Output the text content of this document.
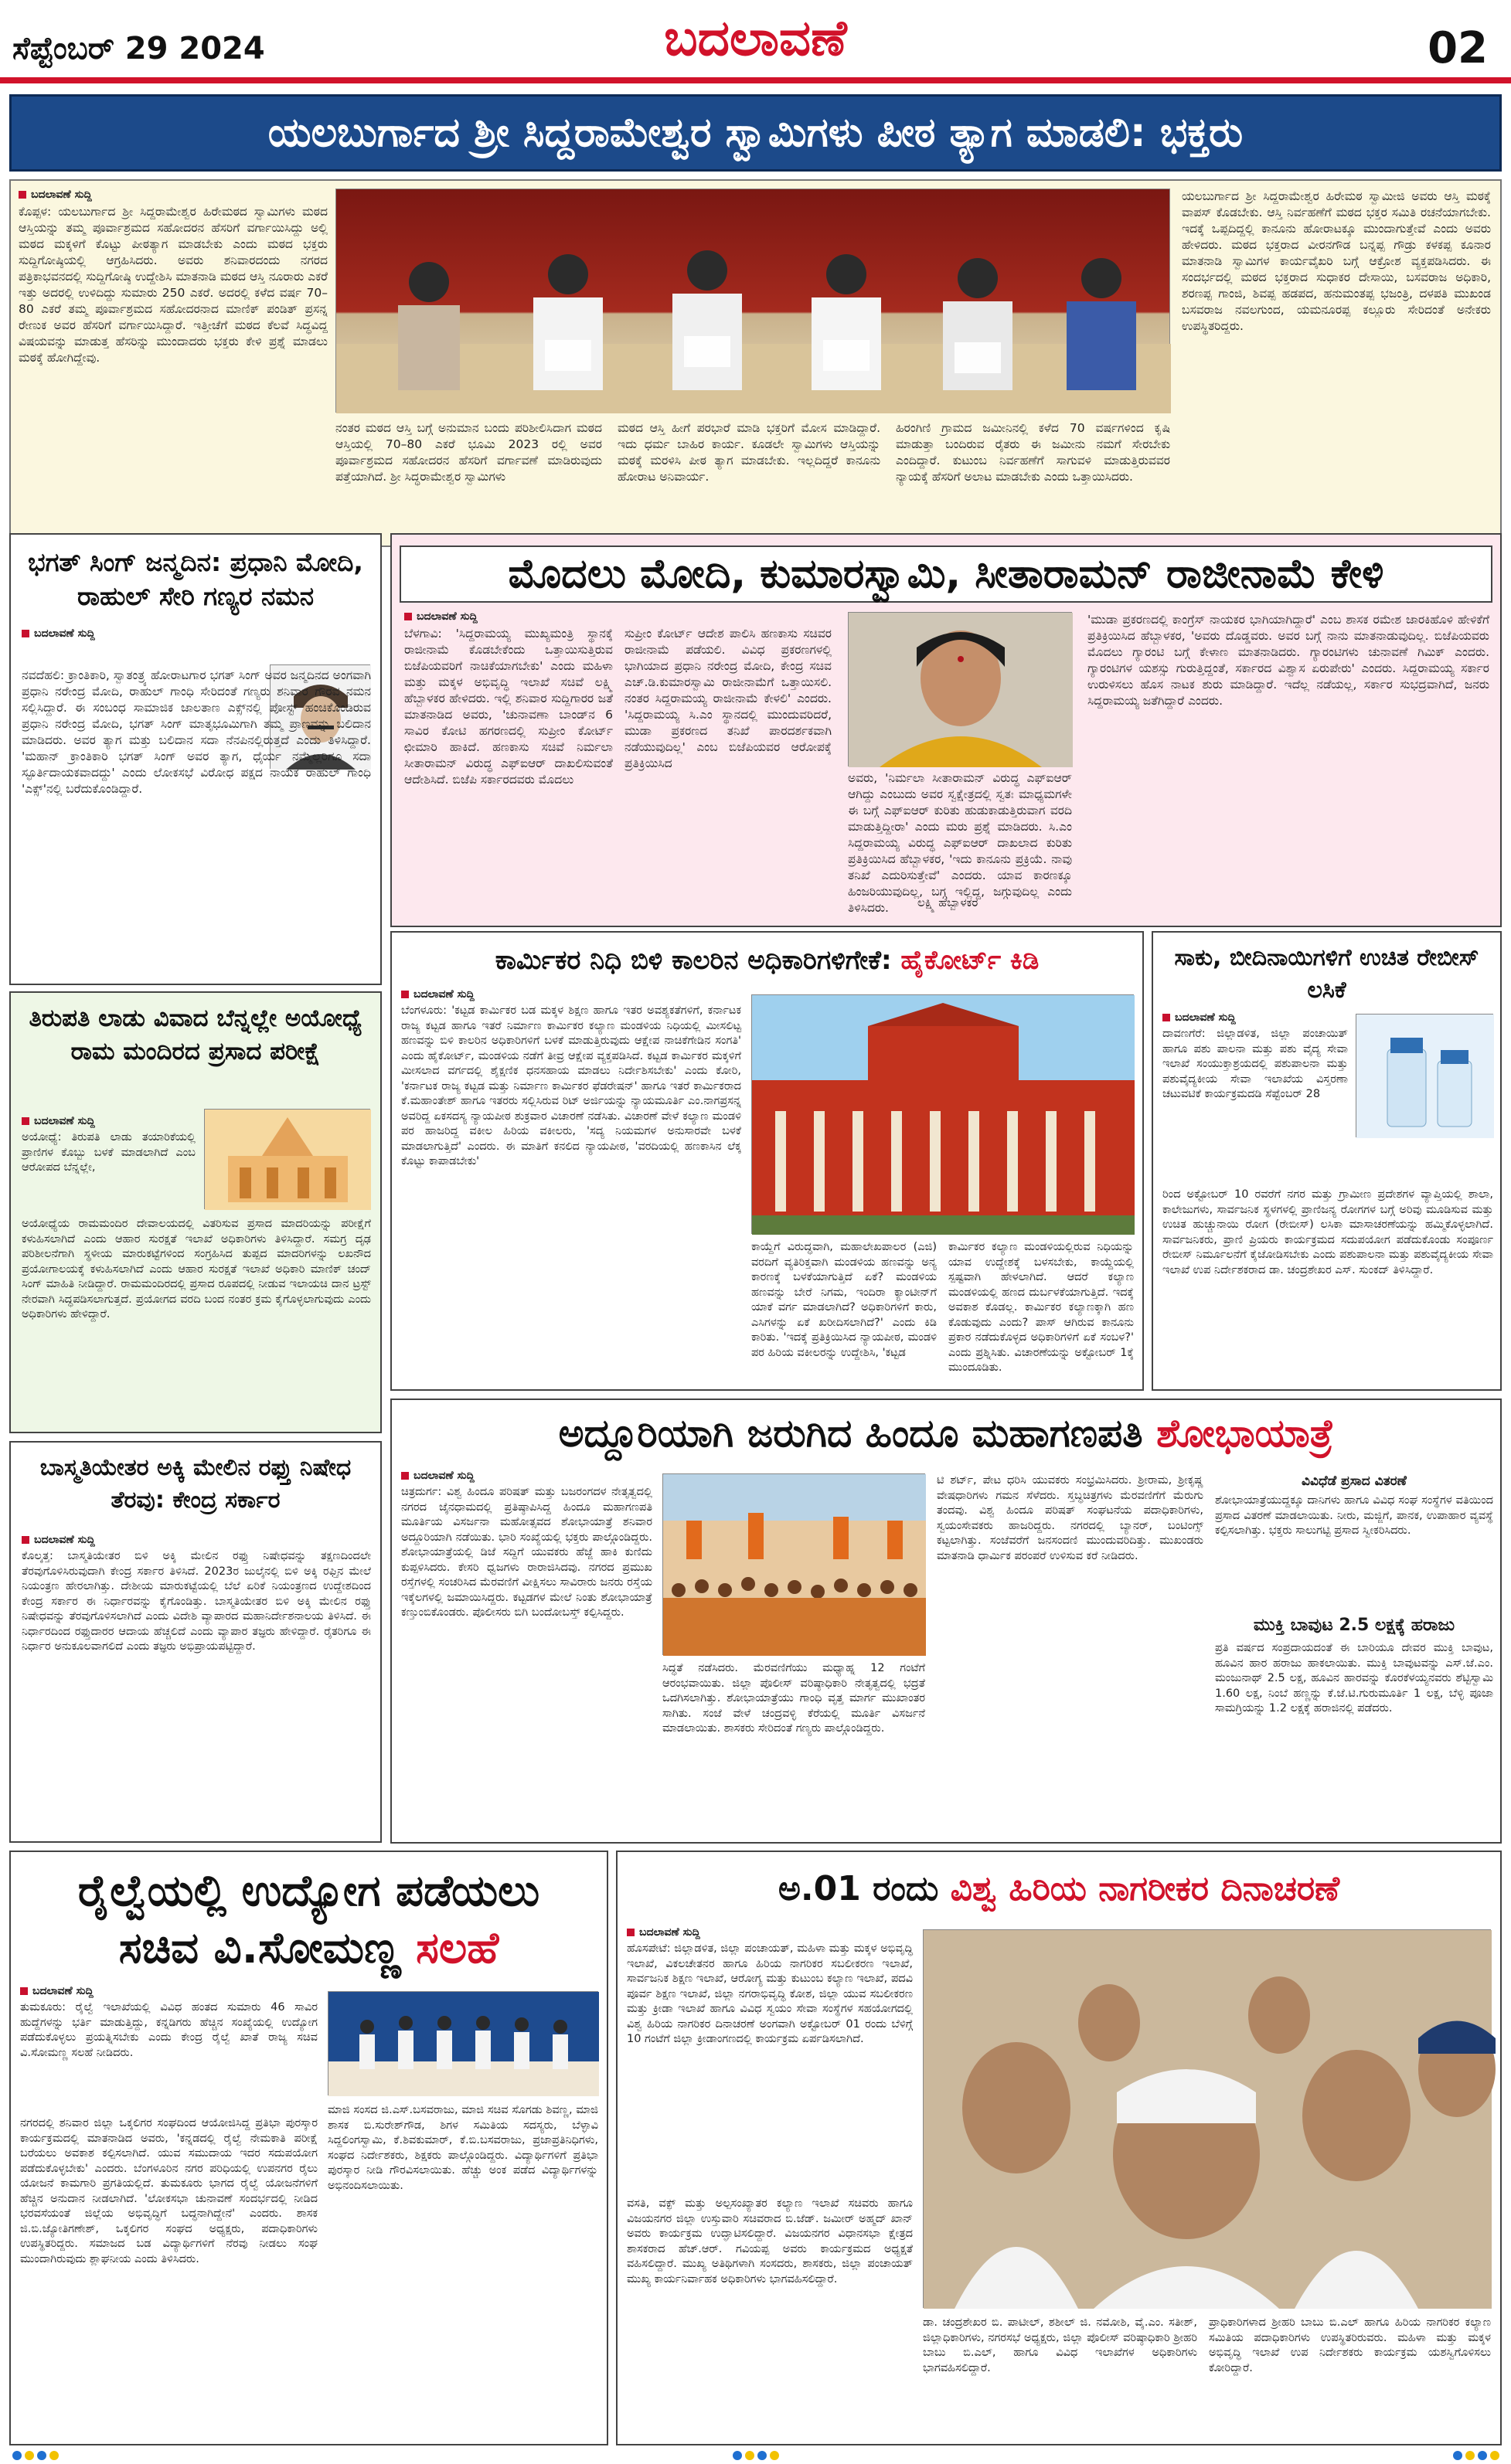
ಸೆಪ್ಟೆಂಬರ್ 29 2024	ಬದಲಾವಣೆ	02
ಯಲಬುರ್ಗಾದ ಶ್ರೀ ಸಿದ್ದರಾಮೇಶ್ವರ ಸ್ವಾಮಿಗಳು ಪೀಠ ತ್ಯಾಗ ಮಾಡಲಿ: ಭಕ್ತರು
ಬದಲಾವಣೆ ಸುದ್ದಿ
ಕೊಪ್ಪಳ: ಯಲಬುರ್ಗಾದ ಶ್ರೀ ಸಿದ್ದರಾಮೇಶ್ವರ ಹಿರೇಮಠದ ಸ್ವಾಮಿಗಳು ಮಠದ ಆಸ್ತಿಯನ್ನು ತಮ್ಮ ಪೂರ್ವಾಶ್ರಮದ ಸಹೋದರನ ಹೆಸರಿಗೆ ವರ್ಗಾಯಿಸಿದ್ದು ಅಲ್ಲಿ ಮಠದ ಮಕ್ಕಳಿಗೆ ಕೊಟ್ಟು ಪೀಠತ್ಯಾಗ ಮಾಡಬೇಕು ಎಂದು ಮಠದ ಭಕ್ತರು ಸುದ್ದಿಗೋಷ್ಠಿಯಲ್ಲಿ ಆಗ್ರಹಿಸಿದರು. ಅವರು ಶನಿವಾರದಂದು ನಗರದ ಪತ್ರಿಕಾಭವನದಲ್ಲಿ ಸುದ್ದಿಗೋಷ್ಠಿ ಉದ್ದೇಶಿಸಿ ಮಾತನಾಡಿ ಮಠದ ಆಸ್ತಿ ನೂರಾರು ಎಕರೆ ಇತ್ತು ಅದರಲ್ಲಿ ಉಳಿದಿದ್ದು ಸುಮಾರು 250 ಎಕರೆ. ಅದರಲ್ಲಿ ಕಳೆದ ವರ್ಷ 70–80 ಎಕರೆ ತಮ್ಮ ಪೂರ್ವಾಶ್ರಮದ ಸಹೋದರನಾದ ಮಾಣಿಕ್ ಪಂಡಿತ್ ಪ್ರಸನ್ನ ರೇಣುಕ ಅವರ ಹೆಸರಿಗೆ ವರ್ಗಾಯಿಸಿದ್ದಾರೆ. ಇತ್ತೀಚೆಗೆ ಮಠದ ಕೆಲವೆ ಸಿದ್ಧವಿದ್ದ ವಿಷಯವನ್ನು ಮಾಡುತ್ತ ಹೆಸರಿನ್ನು ಮುಂದಾದರು ಭಕ್ತರು ಕೇಳಿ ಪ್ರಶ್ನೆ ಮಾಡಲು ಮಠಕ್ಕೆ ಹೋಗಿದ್ದೇವು.
ನಂತರ ಮಠದ ಆಸ್ತಿ ಬಗ್ಗೆ ಅನುಮಾನ ಬಂದು ಪರಿಶೀಲಿಸಿದಾಗ ಮಠದ ಆಸ್ತಿಯಲ್ಲಿ 70–80 ಎಕರೆ ಭೂಮಿ 2023 ರಲ್ಲಿ ಅವರ ಪೂರ್ವಾಶ್ರಮದ ಸಹೋದರನ ಹೆಸರಿಗೆ ವರ್ಗಾವಣೆ ಮಾಡಿರುವುದು ಪತ್ತೆಯಾಗಿದೆ. ಶ್ರೀ ಸಿದ್ಧರಾಮೇಶ್ವರ ಸ್ವಾಮಿಗಳು
ಮಠದ ಆಸ್ತಿ ಹೀಗೆ ಪರಭಾರೆ ಮಾಡಿ ಭಕ್ತರಿಗೆ ಮೋಸ ಮಾಡಿದ್ದಾರೆ. ಇದು ಧರ್ಮ ಬಾಹಿರ ಕಾರ್ಯ. ಕೂಡಲೇ ಸ್ವಾಮಿಗಳು ಆಸ್ತಿಯನ್ನು ಮಠಕ್ಕೆ ಮರಳಿಸಿ ಪೀಠ ತ್ಯಾಗ ಮಾಡಬೇಕು. ಇಲ್ಲದಿದ್ದರೆ ಕಾನೂನು ಹೋರಾಟ ಅನಿವಾರ್ಯ.
ಹಿರಂಗಿಣಿ ಗ್ರಾಮದ ಜಮೀನಿನಲ್ಲಿ ಕಳೆದ 70 ವರ್ಷಗಳಿಂದ ಕೃಷಿ ಮಾಡುತ್ತಾ ಬಂದಿರುವ ರೈತರು ಈ ಜಮೀನು ನಮಗೆ ಸೇರಬೇಕು ಎಂದಿದ್ದಾರೆ. ಕುಟುಂಬ ನಿರ್ವಹಣೆಗೆ ಸಾಗುವಳಿ ಮಾಡುತ್ತಿರುವವರ ನ್ಯಾಯಕ್ಕೆ ಹೆಸರಿಗೆ ಅಲಾಟ ಮಾಡಬೇಕು ಎಂದು ಒತ್ತಾಯಿಸಿದರು.
ಯಲಬುರ್ಗಾದ ಶ್ರೀ ಸಿದ್ದರಾಮೇಶ್ವರ ಹಿರೇಮಠ ಸ್ವಾಮೀಜಿ ಅವರು ಆಸ್ತಿ ಮಠಕ್ಕೆ ವಾಪಸ್ ಕೊಡಬೇಕು. ಆಸ್ತಿ ನಿರ್ವಹಣೆಗೆ ಮಠದ ಭಕ್ತರ ಸಮಿತಿ ರಚನೆಯಾಗಬೇಕು. ಇದಕ್ಕೆ ಒಪ್ಪದಿದ್ದಲ್ಲಿ ಕಾನೂನು ಹೋರಾಟಕ್ಕೂ ಮುಂದಾಗುತ್ತೇವೆ ಎಂದು ಅವರು ಹೇಳಿದರು. ಮಠದ ಭಕ್ತರಾದ ವೀರನಗೌಡ ಬನ್ನಪ್ಪ ಗೌಡ್ರು ಕಳಕಪ್ಪ ಕೂನಾರ ಮಾತನಾಡಿ ಸ್ವಾಮಿಗಳ ಕಾರ್ಯವೈಖರಿ ಬಗ್ಗೆ ಆಕ್ರೋಶ ವ್ಯಕ್ತಪಡಿಸಿದರು. ಈ ಸಂದರ್ಭದಲ್ಲಿ ಮಠದ ಭಕ್ತರಾದ ಸುಧಾಕರ ದೇಸಾಯಿ, ಬಸವರಾಜ ಅಧಿಕಾರಿ, ಶರಣಪ್ಪ ಗಾಂಜಿ, ಶಿವಪ್ಪ ಹಡಪದ, ಹನುಮಂತಪ್ಪ ಭಜಂತ್ರಿ, ದಳಪತಿ ಮುಖಂಡ ಬಸವರಾಜ ನವಲಗುಂದ, ಯಮನೂರಪ್ಪ ಕಲ್ಲೂರು ಸೇರಿದಂತೆ ಅನೇಕರು ಉಪಸ್ಥಿತರಿದ್ದರು.
ಭಗತ್ ಸಿಂಗ್ ಜನ್ಮದಿನ: ಪ್ರಧಾನಿ ಮೋದಿ, ರಾಹುಲ್ ಸೇರಿ ಗಣ್ಯರ ನಮನ
ಬದಲಾವಣೆ ಸುದ್ದಿ
ನವದೆಹಲಿ: ಕ್ರಾಂತಿಕಾರಿ, ಸ್ವಾತಂತ್ರ್ಯ ಹೋರಾಟಗಾರ ಭಗತ್ ಸಿಂಗ್ ಅವರ ಜನ್ಮದಿನದ ಅಂಗವಾಗಿ ಪ್ರಧಾನಿ ನರೇಂದ್ರ ಮೋದಿ, ರಾಹುಲ್ ಗಾಂಧಿ ಸೇರಿದಂತೆ ಗಣ್ಯರು ಶನಿವಾರ ಗೌರವ ನಮನ ಸಲ್ಲಿಸಿದ್ದಾರೆ. ಈ ಸಂಬಂಧ ಸಾಮಾಜಿಕ ಜಾಲತಾಣ ಎಕ್ಸ್‌ನಲ್ಲಿ ಪೋಸ್ಟ್ ಹಂಚಿಕೊಂಡಿರುವ ಪ್ರಧಾನಿ ನರೇಂದ್ರ ಮೋದಿ, ಭಗತ್ ಸಿಂಗ್ ಮಾತೃಭೂಮಿಗಾಗಿ ತಮ್ಮ ಪ್ರಾಣವನ್ನು ಬಲಿದಾನ ಮಾಡಿದರು. ಅವರ ತ್ಯಾಗ ಮತ್ತು ಬಲಿದಾನ ಸದಾ ನೆನಪಿನಲ್ಲಿರುತ್ತದೆ ಎಂದು ತಿಳಿಸಿದ್ದಾರೆ. 'ಮಹಾನ್ ಕ್ರಾಂತಿಕಾರಿ ಭಗತ್ ಸಿಂಗ್ ಅವರ ತ್ಯಾಗ, ಧೈರ್ಯ ನಮ್ಮೆಲ್ಲರಿಗೂ ಸದಾ ಸ್ಫೂರ್ತಿದಾಯಕವಾದದ್ದು' ಎಂದು ಲೋಕಸಭೆ ವಿರೋಧ ಪಕ್ಷದ ನಾಯಕ ರಾಹುಲ್ ಗಾಂಧಿ 'ಎಕ್ಸ್'ನಲ್ಲಿ ಬರೆದುಕೊಂಡಿದ್ದಾರೆ.
ಮೊದಲು ಮೋದಿ, ಕುಮಾರಸ್ವಾಮಿ, ಸೀತಾರಾಮನ್ ರಾಜೀನಾಮೆ ಕೇಳಿ
ಬದಲಾವಣೆ ಸುದ್ದಿ
ಬೆಳಗಾವಿ: 'ಸಿದ್ದರಾಮಯ್ಯ ಮುಖ್ಯಮಂತ್ರಿ ಸ್ಥಾನಕ್ಕೆ ರಾಜೀನಾಮೆ ಕೊಡಬೇಕೆಂದು ಒತ್ತಾಯಿಸುತ್ತಿರುವ ಬಿಜೆಪಿಯವರಿಗೆ ನಾಚಿಕೆಯಾಗಬೇಕು' ಎಂದು ಮಹಿಳಾ ಮತ್ತು ಮಕ್ಕಳ ಅಭಿವೃದ್ಧಿ ಇಲಾಖೆ ಸಚಿವೆ ಲಕ್ಷ್ಮಿ ಹೆಬ್ಬಾಳಕರ ಹೇಳಿದರು. ಇಲ್ಲಿ ಶನಿವಾರ ಸುದ್ದಿಗಾರರ ಜತೆ ಮಾತನಾಡಿದ ಅವರು, 'ಚುನಾವಣಾ ಬಾಂಡ್‌ನ 6 ಸಾವಿರ ಕೋಟಿ ಹಗರಣದಲ್ಲಿ ಸುಪ್ರೀಂ ಕೋರ್ಟ್ ಛೀಮಾರಿ ಹಾಕಿದೆ. ಹಣಕಾಸು ಸಚಿವೆ ನಿರ್ಮಲಾ ಸೀತಾರಾಮನ್ ವಿರುದ್ಧ ಎಫ್‌ಐಆರ್ ದಾಖಲಿಸುವಂತೆ ಆದೇಶಿಸಿದೆ. ಬಿಜೆಪಿ ಸರ್ಕಾರದವರು ಮೊದಲು
ಸುಪ್ರೀಂ ಕೋರ್ಟ್ ಆದೇಶ ಪಾಲಿಸಿ ಹಣಕಾಸು ಸಚಿವರ ರಾಜೀನಾಮೆ ಪಡೆಯಲಿ. ವಿವಿಧ ಪ್ರಕರಣಗಳಲ್ಲಿ ಭಾಗಿಯಾದ ಪ್ರಧಾನಿ ನರೇಂದ್ರ ಮೋದಿ, ಕೇಂದ್ರ ಸಚಿವ ಎಚ್.ಡಿ.ಕುಮಾರಸ್ವಾಮಿ ರಾಜೀನಾಮೆಗೆ ಒತ್ತಾಯಿಸಲಿ. ನಂತರ ಸಿದ್ದರಾಮಯ್ಯ ರಾಜೀನಾಮೆ ಕೇಳಲಿ' ಎಂದರು. 'ಸಿದ್ದರಾಮಯ್ಯ ಸಿ.ಎಂ ಸ್ಥಾನದಲ್ಲಿ ಮುಂದುವರಿದರೆ, ಮುಡಾ ಪ್ರಕರಣದ ತನಿಖೆ ಪಾರದರ್ಶಕವಾಗಿ ನಡೆಯುವುದಿಲ್ಲ' ಎಂಬ ಬಿಜೆಪಿಯವರ ಆರೋಪಕ್ಕೆ ಪ್ರತಿಕ್ರಿಯಿಸಿದ
ಅವರು, 'ನಿರ್ಮಲಾ ಸೀತಾರಾಮನ್ ವಿರುದ್ಧ ಎಫ್‌ಐಆರ್ ಆಗಿದ್ದು ಎಂಬುದು ಅವರ ಸ್ವಕ್ಷೇತ್ರದಲ್ಲಿ ಸ್ವತಃ ಮಾಧ್ಯಮಗಳೇ ಈ ಬಗ್ಗೆ ಎಫ್‌ಐಆರ್ ಕುರಿತು ಹುಡುಕಾಡುತ್ತಿರುವಾಗ ವರದಿ ಮಾಡುತ್ತಿದ್ದೀರಾ' ಎಂದು ಮರು ಪ್ರಶ್ನೆ ಮಾಡಿದರು. ಸಿ.ಎಂ ಸಿದ್ದರಾಮಯ್ಯ ವಿರುದ್ಧ ಎಫ್‌ಐಆರ್ ದಾಖಲಾದ ಕುರಿತು ಪ್ರತಿಕ್ರಿಯಿಸಿದ ಹೆಬ್ಬಾಳಕರ, 'ಇದು ಕಾನೂನು ಪ್ರಕ್ರಿಯೆ. ನಾವು ತನಿಖೆ ಎದುರಿಸುತ್ತೇವೆ' ಎಂದರು. ಯಾವ ಕಾರಣಕ್ಕೂ ಹಿಂಜರಿಯುವುದಿಲ್ಲ, ಬಗ್ಗ ಇಲ್ಲಿದ್ದ, ಜಗ್ಗುವುದಿಲ್ಲ ಎಂದು ತಿಳಿಸಿದರು.	ಲಕ್ಷ್ಮಿ ಹೆಬ್ಬಾಳಕರ
'ಮುಡಾ ಪ್ರಕರಣದಲ್ಲಿ ಕಾಂಗ್ರೆಸ್ ನಾಯಕರ ಭಾಗಿಯಾಗಿದ್ದಾರೆ' ಎಂಬ ಶಾಸಕ ರಮೇಶ ಜಾರಕಿಹೊಳಿ ಹೇಳಿಕೆಗೆ ಪ್ರತಿಕ್ರಿಯಿಸಿದ ಹೆಬ್ಬಾಳಕರ, 'ಅವರು ದೊಡ್ಡವರು. ಅವರ ಬಗ್ಗೆ ನಾನು ಮಾತನಾಡುವುದಿಲ್ಲ. ಬಿಜೆಪಿಯವರು ಮೊದಲು ಗ್ಯಾರಂಟಿ ಬಗ್ಗೆ ಕೇಳಾಣ ಮಾತನಾಡಿದರು. ಗ್ಯಾರಂಟಿಗಳು ಚುನಾವಣೆ ಗಿಮಿಕ್ ಎಂದರು. ಗ್ಯಾರಂಟಿಗಳ ಯಶಸ್ಸು ಗುರುತ್ತಿದ್ದಂತೆ, ಸರ್ಕಾರದ ವಿಶ್ವಾಸ ಏರುಪೇರು' ಎಂದರು. ಸಿದ್ದರಾಮಯ್ಯ ಸರ್ಕಾರ ಉರುಳಿಸಲು ಹೊಸ ನಾಟಕ ಶುರು ಮಾಡಿದ್ದಾರೆ. ಇದೆಲ್ಲ ನಡೆಯಲ್ಲ, ಸರ್ಕಾರ ಸುಭದ್ರವಾಗಿದೆ, ಜನರು ಸಿದ್ದರಾಮಯ್ಯ ಜತೆಗಿದ್ದಾರೆ ಎಂದರು.
ಕಾರ್ಮಿಕರ ನಿಧಿ ಬಿಳಿ ಕಾಲರಿನ ಅಧಿಕಾರಿಗಳಿಗೇಕೆ: ಹೈಕೋರ್ಟ್ ಕಿಡಿ
ಬದಲಾವಣೆ ಸುದ್ದಿ
ಬೆಂಗಳೂರು: 'ಕಟ್ಟಡ ಕಾರ್ಮಿಕರ ಬಡ ಮಕ್ಕಳ ಶಿಕ್ಷಣ ಹಾಗೂ ಇತರ ಅವಶ್ಯಕತೆಗಳಿಗೆ, ಕರ್ನಾಟಕ ರಾಜ್ಯ ಕಟ್ಟಡ ಹಾಗೂ ಇತರೆ ನಿರ್ಮಾಣ ಕಾರ್ಮಿಕರ ಕಲ್ಯಾಣ ಮಂಡಳಿಯ ನಿಧಿಯಲ್ಲಿ ಮೀಸಲಿಟ್ಟ ಹಣವನ್ನು ಬಿಳಿ ಕಾಲರಿನ ಅಧಿಕಾರಿಗಳಿಗೆ ಬಳಕೆ ಮಾಡುತ್ತಿರುವುದು ಆಕ್ಷೇಪ ನಾಚಿಕೆಗೇಡಿನ ಸಂಗತಿ' ಎಂದು ಹೈಕೋರ್ಟ್, ಮಂಡಳಿಯ ನಡೆಗೆ ತೀವ್ರ ಆಕ್ಷೇಪ ವ್ಯಕ್ತಪಡಿಸಿದೆ. ಕಟ್ಟಡ ಕಾರ್ಮಿಕರ ಮಕ್ಕಳಿಗೆ ಮೀಸಲಾದ ವರ್ಗದಲ್ಲಿ ಶೈಕ್ಷಣಿಕ ಧನಸಹಾಯ ಮಾಡಲು ನಿರ್ದೇಶಿಸಬೇಕು' ಎಂದು ಕೋರಿ, 'ಕರ್ನಾಟಕ ರಾಜ್ಯ ಕಟ್ಟಡ ಮತ್ತು ನಿರ್ಮಾಣ ಕಾರ್ಮಿಕರ ಫೆಡರೇಷನ್' ಹಾಗೂ ಇತರೆ ಕಾರ್ಮಿಕರಾದ ಕೆ.ಮಹಾಂತೇಶ್ ಹಾಗೂ ಇತರರು ಸಲ್ಲಿಸಿರುವ ರಿಟ್ ಅರ್ಜಿಯನ್ನು ನ್ಯಾಯಮೂರ್ತಿ ಎಂ.ನಾಗಪ್ರಸನ್ನ ಅವರಿದ್ದ ಏಕಸದಸ್ಯ ನ್ಯಾಯಪೀಠ ಶುಕ್ರವಾರ ವಿಚಾರಣೆ ನಡೆಸಿತು. ವಿಚಾರಣೆ ವೇಳೆ ಕಲ್ಯಾಣ ಮಂಡಳಿ ಪರ ಹಾಜರಿದ್ದ ವಕೀಲ ಹಿರಿಯ ವಕೀಲರು, 'ಸದ್ಯ ನಿಯಮಗಳ ಅನುಸಾರವೇ ಬಳಕೆ ಮಾಡಲಾಗುತ್ತಿದೆ' ಎಂದರು. ಈ ಮಾತಿಗೆ ಕನಲಿದ ನ್ಯಾಯಪೀಠ, 'ವರದಿಯಲ್ಲಿ ಹಣಕಾಸಿನ ಲೆಕ್ಕ ಕೊಟ್ಟು ಕಾಪಾಡಬೇಕು'
ಕಾಯ್ದೆಗೆ ವಿರುದ್ಧವಾಗಿ, ಮಹಾಲೇಖಪಾಲರ (ಎಜಿ) ವರದಿಗೆ ವ್ಯತಿರಿಕ್ತವಾಗಿ ಮಂಡಳಿಯ ಹಣವನ್ನು ಅನ್ಯ ಕಾರಣಕ್ಕೆ ಬಳಕೆಯಾಗುತ್ತಿದೆ ಏಕೆ? ಮಂಡಳಿಯ ಹಣವನ್ನು ಬೇರೆ ನಿಗಮ, ಇಂದಿರಾ ಕ್ಯಾಂಟೀನ್‌ಗೆ ಯಾಕೆ ವರ್ಗ ಮಾಡಲಾಗಿದೆ? ಅಧಿಕಾರಿಗಳಿಗೆ ಕಾರು, ಎಸಿಗಳನ್ನು ಏಕೆ ಖರೀದಿಸಲಾಗಿದೆ?' ಎಂದು ಕಿಡಿ ಕಾರಿತು. 'ಇದಕ್ಕೆ ಪ್ರತಿಕ್ರಿಯಿಸಿದ ನ್ಯಾಯಪೀಠ, ಮಂಡಳಿ ಪರ ಹಿರಿಯ ವಕೀಲರನ್ನು ಉದ್ದೇಶಿಸಿ, 'ಕಟ್ಟಡ
ಕಾರ್ಮಿಕರ ಕಲ್ಯಾಣ ಮಂಡಳಿಯಲ್ಲಿರುವ ನಿಧಿಯನ್ನು ಯಾವ ಉದ್ದೇಶಕ್ಕೆ ಬಳಸಬೇಕು, ಕಾಯ್ದೆಯಲ್ಲಿ ಸ್ಪಷ್ಟವಾಗಿ ಹೇಳಲಾಗಿದೆ. ಆದರೆ ಕಲ್ಯಾಣ ಮಂಡಳಿಯಲ್ಲಿ ಹಣದ ದುರ್ಬಳಕೆಯಾಗುತ್ತಿದೆ. ಇದಕ್ಕೆ ಅವಕಾಶ ಕೊಡಲ್ಲ. ಕಾರ್ಮಿಕರ ಕಲ್ಯಾಣಕ್ಕಾಗಿ ಹಣ ಕೊಡುವುದು ಎಂದು? ಪಾಸ್ ಆಗಿರುವ ಕಾನೂನು ಪ್ರಕಾರ ನಡೆದುಕೊಳ್ಳದ ಅಧಿಕಾರಿಗಳಿಗೆ ಏಕೆ ಸಂಬಳ?' ಎಂದು ಪ್ರಶ್ನಿಸಿತು. ವಿಚಾರಣೆಯನ್ನು ಅಕ್ಟೋಬರ್ 1ಕ್ಕೆ ಮುಂದೂಡಿತು.
ಸಾಕು, ಬೀದಿನಾಯಿಗಳಿಗೆ ಉಚಿತ ರೇಬೀಸ್ ಲಸಿಕೆ
ಬದಲಾವಣೆ ಸುದ್ದಿ
ದಾವಣಗೆರೆ: ಜಿಲ್ಲಾಡಳಿತ, ಜಿಲ್ಲಾ ಪಂಚಾಯಿತ್ ಹಾಗೂ ಪಶು ಪಾಲನಾ ಮತ್ತು ಪಶು ವೈದ್ಯ ಸೇವಾ ಇಲಾಖೆ ಸಂಯುಕ್ತಾಶ್ರಯದಲ್ಲಿ ಪಶುಪಾಲನಾ ಮತ್ತು ಪಶುವೈದ್ಯಕೀಯ ಸೇವಾ ಇಲಾಖೆಯ ವಿಸ್ತರಣಾ ಚಟುವಟಿಕೆ ಕಾರ್ಯಕ್ರಮದಡಿ ಸೆಪ್ಟೆಂಬರ್ 28
ರಿಂದ ಅಕ್ಟೋಬರ್ 10 ರವರೆಗೆ ನಗರ ಮತ್ತು ಗ್ರಾಮೀಣ ಪ್ರದೇಶಗಳ ವ್ಯಾಪ್ತಿಯಲ್ಲಿ ಶಾಲಾ, ಕಾಲೇಜುಗಳು, ಸಾರ್ವಜನಿಕ ಸ್ಥಳಗಳಲ್ಲಿ ಪ್ರಾಣಿಜನ್ಯ ರೋಗಗಳ ಬಗ್ಗೆ ಅರಿವು ಮೂಡಿಸುವ ಮತ್ತು ಉಚಿತ ಹುಚ್ಚುನಾಯಿ ರೋಗ (ರೇಬೀಸ್) ಲಸಿಕಾ ಮಾಸಾಚರಣೆಯನ್ನು ಹಮ್ಮಿಕೊಳ್ಳಲಾಗಿದೆ. ಸಾರ್ವಜನಿಕರು, ಪ್ರಾಣಿ ಪ್ರಿಯರು ಕಾರ್ಯಕ್ರಮದ ಸದುಪಯೋಗ ಪಡೆದುಕೊಂಡು ಸಂಪೂರ್ಣ ರೇಬೀಸ್ ನಿರ್ಮೂಲನೆಗೆ ಕೈಜೋಡಿಸಬೇಕು ಎಂದು ಪಶುಪಾಲನಾ ಮತ್ತು ಪಶುವೈದ್ಯಕೀಯ ಸೇವಾ ಇಲಾಖೆ ಉಪ ನಿರ್ದೇಶಕರಾದ ಡಾ. ಚಂದ್ರಶೇಖರ ಎಸ್. ಸುಂಕದ್ ತಿಳಿಸಿದ್ದಾರೆ.
ತಿರುಪತಿ ಲಾಡು ವಿವಾದ ಬೆನ್ನಲ್ಲೇ ಅಯೋಧ್ಯೆ ರಾಮ ಮಂದಿರದ ಪ್ರಸಾದ ಪರೀಕ್ಷೆ
ಬದಲಾವಣೆ ಸುದ್ದಿ
ಅಯೋಧ್ಯೆ: ತಿರುಪತಿ ಲಾಡು ತಯಾರಿಕೆಯಲ್ಲಿ ಪ್ರಾಣಿಗಳ ಕೊಬ್ಬು ಬಳಕೆ ಮಾಡಲಾಗಿದೆ ಎಂಬ ಆರೋಪದ ಬೆನ್ನಲ್ಲೇ,
ಅಯೋಧ್ಯೆಯ ರಾಮಮಂದಿರ ದೇವಾಲಯದಲ್ಲಿ ವಿತರಿಸುವ ಪ್ರಸಾದ ಮಾದರಿಯನ್ನು ಪರೀಕ್ಷೆಗೆ ಕಳುಹಿಸಲಾಗಿದೆ ಎಂದು ಆಹಾರ ಸುರಕ್ಷತೆ ಇಲಾಖೆ ಅಧಿಕಾರಿಗಳು ತಿಳಿಸಿದ್ದಾರೆ. ಸಮಗ್ರ ದೃಢ ಪರಿಶೀಲನೆಗಾಗಿ ಸ್ಥಳೀಯ ಮಾರುಕಟ್ಟೆಗಳಿಂದ ಸಂಗ್ರಹಿಸಿದ ತುಪ್ಪದ ಮಾದರಿಗಳನ್ನು ಲಖನೌದ ಪ್ರಯೋಗಾಲಯಕ್ಕೆ ಕಳುಹಿಸಲಾಗಿದೆ ಎಂದು ಆಹಾರ ಸುರಕ್ಷತೆ ಇಲಾಖೆ ಅಧಿಕಾರಿ ಮಾಣಿಕ್ ಚಂದ್ ಸಿಂಗ್ ಮಾಹಿತಿ ನೀಡಿದ್ದಾರೆ. ರಾಮಮಂದಿರದಲ್ಲಿ ಪ್ರಸಾದ ರೂಪದಲ್ಲಿ ನೀಡುವ ಇಲಾಯಚಿ ದಾನ ಟ್ರಸ್ಟ್‌ ನೇರವಾಗಿ ಸಿದ್ಧಪಡಿಸಲಾಗುತ್ತದೆ. ಪ್ರಯೋಗದ ವರದಿ ಬಂದ ನಂತರ ಕ್ರಮ ಕೈಗೊಳ್ಳಲಾಗುವುದು ಎಂದು ಅಧಿಕಾರಿಗಳು ಹೇಳಿದ್ದಾರೆ.
ಬಾಸ್ಮತಿಯೇತರ ಅಕ್ಕಿ ಮೇಲಿನ ರಫ್ತು ನಿಷೇಧ ತೆರವು: ಕೇಂದ್ರ ಸರ್ಕಾರ
ಬದಲಾವಣೆ ಸುದ್ದಿ
ಕೊಲ್ಕತ್ತ: ಬಾಸ್ಮತಿಯೇತರ ಬಿಳಿ ಅಕ್ಕಿ ಮೇಲಿನ ರಫ್ತು ನಿಷೇಧವನ್ನು ತಕ್ಷಣದಿಂದಲೇ ತೆರವುಗೊಳಿಸಿರುವುದಾಗಿ ಕೇಂದ್ರ ಸರ್ಕಾರ ತಿಳಿಸಿದೆ. 2023ರ ಜುಲೈನಲ್ಲಿ ಬಿಳಿ ಅಕ್ಕಿ ರಫ್ತಿನ ಮೇಲೆ ನಿಯಂತ್ರಣ ಹೇರಲಾಗಿತ್ತು. ದೇಶೀಯ ಮಾರುಕಟ್ಟೆಯಲ್ಲಿ ಬೆಲೆ ಏರಿಕೆ ನಿಯಂತ್ರಣದ ಉದ್ದೇಶದಿಂದ ಕೇಂದ್ರ ಸರ್ಕಾರ ಈ ನಿರ್ಧಾರವನ್ನು ಕೈಗೊಂಡಿತ್ತು. ಬಾಸ್ಮತಿಯೇತರ ಬಿಳಿ ಅಕ್ಕಿ ಮೇಲಿನ ರಫ್ತು ನಿಷೇಧವನ್ನು ತೆರವುಗೊಳಿಸಲಾಗಿದೆ ಎಂದು ವಿದೇಶಿ ವ್ಯಾಪಾರದ ಮಹಾನಿರ್ದೇಶನಾಲಯ ತಿಳಿಸಿದೆ. ಈ ನಿರ್ಧಾರದಿಂದ ರಫ್ತುದಾರರ ಆದಾಯ ಹೆಚ್ಚಲಿದೆ ಎಂದು ವ್ಯಾಪಾರ ತಜ್ಞರು ಹೇಳಿದ್ದಾರೆ. ರೈತರಿಗೂ ಈ ನಿರ್ಧಾರ ಅನುಕೂಲವಾಗಲಿದೆ ಎಂದು ತಜ್ಞರು ಅಭಿಪ್ರಾಯಪಟ್ಟಿದ್ದಾರೆ.
ಅದ್ದೂರಿಯಾಗಿ ಜರುಗಿದ ಹಿಂದೂ ಮಹಾಗಣಪತಿ ಶೋಭಾಯಾತ್ರೆ
ಬದಲಾವಣೆ ಸುದ್ದಿ
ಚಿತ್ರದುರ್ಗ: ವಿಶ್ವ ಹಿಂದೂ ಪರಿಷತ್ ಮತ್ತು ಬಜರಂಗದಳ ನೇತೃತ್ವದಲ್ಲಿ ನಗರದ ಜೈನಧಾಮದಲ್ಲಿ ಪ್ರತಿಷ್ಠಾಪಿಸಿದ್ದ ಹಿಂದೂ ಮಹಾಗಣಪತಿ ಮೂರ್ತಿಯ ವಿಸರ್ಜನಾ ಮಹೋತ್ಸವದ ಶೋಭಾಯಾತ್ರೆ ಶನಿವಾರ ಅದ್ದೂರಿಯಾಗಿ ನಡೆಯಿತು. ಭಾರಿ ಸಂಖ್ಯೆಯಲ್ಲಿ ಭಕ್ತರು ಪಾಲ್ಗೊಂಡಿದ್ದರು. ಶೋಭಾಯಾತ್ರೆಯಲ್ಲಿ ಡಿಜೆ ಸದ್ದಿಗೆ ಯುವಕರು ಹೆಜ್ಜೆ ಹಾಕಿ ಕುಣಿದು ಕುಪ್ಪಳಿಸಿದರು. ಕೇಸರಿ ಧ್ವಜಗಳು ರಾರಾಜಿಸಿದವು. ನಗರದ ಪ್ರಮುಖ ರಸ್ತೆಗಳಲ್ಲಿ ಸಂಚರಿಸಿದ ಮೆರವಣಿಗೆ ವೀಕ್ಷಿಸಲು ಸಾವಿರಾರು ಜನರು ರಸ್ತೆಯ ಇಕ್ಕೆಲಗಳಲ್ಲಿ ಜಮಾಯಿಸಿದ್ದರು. ಕಟ್ಟಡಗಳ ಮೇಲೆ ನಿಂತು ಶೋಭಾಯಾತ್ರೆ ಕಣ್ತುಂಬಿಕೊಂಡರು. ಪೊಲೀಸರು ಬಿಗಿ ಬಂದೋಬಸ್ತ್ ಕಲ್ಪಿಸಿದ್ದರು.
ಸಿದ್ಧತೆ ನಡೆಸಿದರು. ಮೆರವಣಿಗೆಯು ಮಧ್ಯಾಹ್ನ 12 ಗಂಟೆಗೆ ಆರಂಭವಾಯಿತು. ಜಿಲ್ಲಾ ಪೊಲೀಸ್ ವರಿಷ್ಠಾಧಿಕಾರಿ ನೇತೃತ್ವದಲ್ಲಿ ಭದ್ರತೆ ಒದಗಿಸಲಾಗಿತ್ತು. ಶೋಭಾಯಾತ್ರೆಯು ಗಾಂಧಿ ವೃತ್ತ ಮಾರ್ಗ ಮುಖಾಂತರ ಸಾಗಿತು. ಸಂಜೆ ವೇಳೆ ಚಂದ್ರವಳ್ಳಿ ಕೆರೆಯಲ್ಲಿ ಮೂರ್ತಿ ವಿಸರ್ಜನೆ ಮಾಡಲಾಯಿತು. ಶಾಸಕರು ಸೇರಿದಂತೆ ಗಣ್ಯರು ಪಾಲ್ಗೊಂಡಿದ್ದರು.
ಟಿ ಶರ್ಟ್, ಪೇಟ ಧರಿಸಿ ಯುವಕರು ಸಂಭ್ರಮಿಸಿದರು. ಶ್ರೀರಾಮ, ಶ್ರೀಕೃಷ್ಣ ವೇಷಧಾರಿಗಳು ಗಮನ ಸೆಳೆದರು. ಸ್ತಬ್ಧಚಿತ್ರಗಳು ಮೆರವಣಿಗೆಗೆ ಮೆರುಗು ತಂದವು. ವಿಶ್ವ ಹಿಂದೂ ಪರಿಷತ್ ಸಂಘಟನೆಯ ಪದಾಧಿಕಾರಿಗಳು, ಸ್ವಯಂಸೇವಕರು ಹಾಜರಿದ್ದರು. ನಗರದಲ್ಲಿ ಬ್ಯಾನರ್, ಬಂಟಿಂಗ್ಸ್ ಕಟ್ಟಲಾಗಿತ್ತು. ಸಂಜೆವರೆಗೆ ಜನಸಂದಣಿ ಮುಂದುವರಿದಿತ್ತು. ಮುಖಂಡರು ಮಾತನಾಡಿ ಧಾರ್ಮಿಕ ಪರಂಪರೆ ಉಳಿಸುವ ಕರೆ ನೀಡಿದರು.
ವಿವಿಧೆಡೆ ಪ್ರಸಾದ ವಿತರಣೆ
ಶೋಭಾಯಾತ್ರೆಯುದ್ದಕ್ಕೂ ದಾನಿಗಳು ಹಾಗೂ ವಿವಿಧ ಸಂಘ ಸಂಸ್ಥೆಗಳ ವತಿಯಿಂದ ಪ್ರಸಾದ ವಿತರಣೆ ಮಾಡಲಾಯಿತು. ನೀರು, ಮಜ್ಜಿಗೆ, ಪಾನಕ, ಉಪಾಹಾರ ವ್ಯವಸ್ಥೆ ಕಲ್ಪಿಸಲಾಗಿತ್ತು. ಭಕ್ತರು ಸಾಲುಗಟ್ಟಿ ಪ್ರಸಾದ ಸ್ವೀಕರಿಸಿದರು.
ಮುಕ್ತಿ ಬಾವುಟ 2.5 ಲಕ್ಷಕ್ಕೆ ಹರಾಜು
ಪ್ರತಿ ವರ್ಷದ ಸಂಪ್ರದಾಯದಂತೆ ಈ ಬಾರಿಯೂ ದೇವರ ಮುಕ್ತಿ ಬಾವುಟ, ಹೂವಿನ ಹಾರ ಹರಾಜು ಹಾಕಲಾಯಿತು. ಮುಕ್ತಿ ಬಾವುಟವನ್ನು ಎಸ್.ಜೆ.ಎಂ. ಮಂಜುನಾಥ್ 2.5 ಲಕ್ಷ, ಹೂವಿನ ಹಾರವನ್ನು ಕೊರಕೆಳಯ್ಯನವರು ಶೆಟ್ಟಿಸ್ವಾಮಿ 1.60 ಲಕ್ಷ, ನಿಂಬೆ ಹಣ್ಣನ್ನು ಕೆ.ಜೆ.ಟಿ.ಗುರುಮೂರ್ತಿ 1 ಲಕ್ಷ, ಬೆಳ್ಳಿ ಪೂಜಾ ಸಾಮಗ್ರಿಯನ್ನು 1.2 ಲಕ್ಷಕ್ಕೆ ಹರಾಜಿನಲ್ಲಿ ಪಡೆದರು.
ರೈಲ್ವೆಯಲ್ಲಿ ಉದ್ಯೋಗ ಪಡೆಯಲು
ಸಚಿವ ವಿ.ಸೋಮಣ್ಣ ಸಲಹೆ
ಬದಲಾವಣೆ ಸುದ್ದಿ
ತುಮಕೂರು: ರೈಲ್ವೆ ಇಲಾಖೆಯಲ್ಲಿ ವಿವಿಧ ಹಂತದ ಸುಮಾರು 46 ಸಾವಿರ ಹುದ್ದೆಗಳನ್ನು ಭರ್ತಿ ಮಾಡುತ್ತಿದ್ದು, ಕನ್ನಡಿಗರು ಹೆಚ್ಚಿನ ಸಂಖ್ಯೆಯಲ್ಲಿ ಉದ್ಯೋಗ ಪಡೆದುಕೊಳ್ಳಲು ಪ್ರಯತ್ನಿಸಬೇಕು ಎಂದು ಕೇಂದ್ರ ರೈಲ್ವೆ ಖಾತೆ ರಾಜ್ಯ ಸಚಿವ ವಿ.ಸೋಮಣ್ಣ ಸಲಹೆ ನೀಡಿದರು.
ನಗರದಲ್ಲಿ ಶನಿವಾರ ಜಿಲ್ಲಾ ಒಕ್ಕಲಿಗರ ಸಂಘದಿಂದ ಆಯೋಜಿಸಿದ್ದ ಪ್ರತಿಭಾ ಪುರಸ್ಕಾರ ಕಾರ್ಯಕ್ರಮದಲ್ಲಿ ಮಾತನಾಡಿದ ಅವರು, 'ಕನ್ನಡದಲ್ಲಿ ರೈಲ್ವೆ ನೇಮಕಾತಿ ಪರೀಕ್ಷೆ ಬರೆಯಲು ಅವಕಾಶ ಕಲ್ಪಿಸಲಾಗಿದೆ. ಯುವ ಸಮುದಾಯ ಇದರ ಸದುಪಯೋಗ ಪಡೆದುಕೊಳ್ಳಬೇಕು' ಎಂದರು. ಬೆಂಗಳೂರಿನ ನಗರ ಪರಿಧಿಯಲ್ಲಿ ಉಪನಗರ ರೈಲು ಯೋಜನೆ ಕಾಮಗಾರಿ ಪ್ರಗತಿಯಲ್ಲಿದೆ. ತುಮಕೂರು ಭಾಗದ ರೈಲ್ವೆ ಯೋಜನೆಗಳಿಗೆ ಹೆಚ್ಚಿನ ಅನುದಾನ ನೀಡಲಾಗಿದೆ. 'ಲೋಕಸಭಾ ಚುನಾವಣೆ ಸಂದರ್ಭದಲ್ಲಿ ನೀಡಿದ ಭರವಸೆಯಂತೆ ಜಿಲ್ಲೆಯ ಅಭಿವೃದ್ಧಿಗೆ ಬದ್ಧನಾಗಿದ್ದೇನೆ' ಎಂದರು. ಶಾಸಕ ಜಿ.ಬಿ.ಜ್ಯೋತಿಗಣೇಶ್, ಒಕ್ಕಲಿಗರ ಸಂಘದ ಅಧ್ಯಕ್ಷರು, ಪದಾಧಿಕಾರಿಗಳು ಉಪಸ್ಥಿತರಿದ್ದರು. ಸಮಾಜದ ಬಡ ವಿದ್ಯಾರ್ಥಿಗಳಿಗೆ ನೆರವು ನೀಡಲು ಸಂಘ ಮುಂದಾಗಿರುವುದು ಶ್ಲಾಘನೀಯ ಎಂದು ತಿಳಿಸಿದರು.
ಮಾಜಿ ಸಂಸದ ಜಿ.ಎಸ್.ಬಸವರಾಜು, ಮಾಜಿ ಸಚಿವ ಸೊಗಡು ಶಿವಣ್ಣ, ಮಾಜಿ ಶಾಸಕ ಬಿ.ಸುರೇಶ್‌ಗೌಡ, ಶಿಗಳ ಸಮಿತಿಯ ಸದಸ್ಯರು, ಬೆಳ್ಳಾವಿ ಸಿದ್ದಲಿಂಗಸ್ವಾಮಿ, ಕೆ.ಶಿವಕುಮಾರ್, ಕೆ.ಬಿ.ಬಸವರಾಜು, ಪ್ರಜಾಪ್ರತಿನಿಧಿಗಳು, ಸಂಘದ ನಿರ್ದೇಶಕರು, ಶಿಕ್ಷಕರು ಪಾಲ್ಗೊಂಡಿದ್ದರು. ವಿದ್ಯಾರ್ಥಿಗಳಿಗೆ ಪ್ರತಿಭಾ ಪುರಸ್ಕಾರ ನೀಡಿ ಗೌರವಿಸಲಾಯಿತು. ಹೆಚ್ಚು ಅಂಕ ಪಡೆದ ವಿದ್ಯಾರ್ಥಿಗಳನ್ನು ಅಭಿನಂದಿಸಲಾಯಿತು.
ಅ.01 ರಂದು ವಿಶ್ವ ಹಿರಿಯ ನಾಗರೀಕರ ದಿನಾಚರಣೆ
ಬದಲಾವಣೆ ಸುದ್ದಿ
ಹೊಸಪೇಟೆ: ಜಿಲ್ಲಾಡಳಿತ, ಜಿಲ್ಲಾ ಪಂಚಾಯತ್, ಮಹಿಳಾ ಮತ್ತು ಮಕ್ಕಳ ಅಭಿವೃದ್ಧಿ ಇಲಾಖೆ, ವಿಕಲಚೇತನರ ಹಾಗೂ ಹಿರಿಯ ನಾಗರಿಕರ ಸಬಲೀಕರಣ ಇಲಾಖೆ, ಸಾರ್ವಜನಿಕ ಶಿಕ್ಷಣ ಇಲಾಖೆ, ಆರೋಗ್ಯ ಮತ್ತು ಕುಟುಂಬ ಕಲ್ಯಾಣ ಇಲಾಖೆ, ಪದವಿ ಪೂರ್ವ ಶಿಕ್ಷಣ ಇಲಾಖೆ, ಜಿಲ್ಲಾ ನಗರಾಭಿವೃದ್ಧಿ ಕೋಶ, ಜಿಲ್ಲಾ ಯುವ ಸಬಲೀಕರಣ ಮತ್ತು ಕ್ರೀಡಾ ಇಲಾಖೆ ಹಾಗೂ ವಿವಿಧ ಸ್ವಯಂ ಸೇವಾ ಸಂಸ್ಥೆಗಳ ಸಹಯೋಗದಲ್ಲಿ ವಿಶ್ವ ಹಿರಿಯ ನಾಗರಿಕರ ದಿನಾಚರಣೆ ಅಂಗವಾಗಿ ಅಕ್ಟೋಬರ್ 01 ರಂದು ಬೆಳಿಗ್ಗೆ 10 ಗಂಟೆಗೆ ಜಿಲ್ಲಾ ಕ್ರೀಡಾಂಗಣದಲ್ಲಿ ಕಾರ್ಯಕ್ರಮ ಏರ್ಪಡಿಸಲಾಗಿದೆ.
ವಸತಿ, ವಕ್ಫ್ ಮತ್ತು ಅಲ್ಪಸಂಖ್ಯಾತರ ಕಲ್ಯಾಣ ಇಲಾಖೆ ಸಚಿವರು ಹಾಗೂ ವಿಜಯನಗರ ಜಿಲ್ಲಾ ಉಸ್ತುವಾರಿ ಸಚಿವರಾದ ಬಿ.ಜೆಡ್. ಜಮೀರ್ ಅಹ್ಮದ್ ಖಾನ್ ಅವರು ಕಾರ್ಯಕ್ರಮ ಉದ್ಘಾಟಿಸಲಿದ್ದಾರೆ. ವಿಜಯನಗರ ವಿಧಾನಸಭಾ ಕ್ಷೇತ್ರದ ಶಾಸಕರಾದ ಹೆಚ್.ಆರ್. ಗವಿಯಪ್ಪ ಅವರು ಕಾರ್ಯಕ್ರಮದ ಅಧ್ಯಕ್ಷತೆ ವಹಿಸಲಿದ್ದಾರೆ. ಮುಖ್ಯ ಅತಿಥಿಗಳಾಗಿ ಸಂಸದರು, ಶಾಸಕರು, ಜಿಲ್ಲಾ ಪಂಚಾಯತ್ ಮುಖ್ಯ ಕಾರ್ಯನಿರ್ವಾಹಕ ಅಧಿಕಾರಿಗಳು ಭಾಗವಹಿಸಲಿದ್ದಾರೆ.
ಡಾ. ಚಂದ್ರಶೇಖರ ಬಿ. ಪಾಟೀಲ್, ಶಶೀಲ್ ಜಿ. ನಮೋಶಿ, ವೈ.ಎಂ. ಸತೀಶ್, ಜಿಲ್ಲಾಧಿಕಾರಿಗಳು, ನಗರಸಭೆ ಅಧ್ಯಕ್ಷರು, ಜಿಲ್ಲಾ ಪೊಲೀಸ್ ವರಿಷ್ಠಾಧಿಕಾರಿ ಶ್ರೀಹರಿ ಬಾಬು ಬಿ.ಎಲ್, ಹಾಗೂ ವಿವಿಧ ಇಲಾಖೆಗಳ ಅಧಿಕಾರಿಗಳು ಭಾಗವಹಿಸಲಿದ್ದಾರೆ.
ಪ್ರಾಧಿಕಾರಿಗಳಾದ ಶ್ರೀಹರಿ ಬಾಬು ಬಿ.ಎಲ್ ಹಾಗೂ ಹಿರಿಯ ನಾಗರಿಕರ ಕಲ್ಯಾಣ ಸಮಿತಿಯ ಪದಾಧಿಕಾರಿಗಳು ಉಪಸ್ಥಿತರಿರುವರು. ಮಹಿಳಾ ಮತ್ತು ಮಕ್ಕಳ ಅಭಿವೃದ್ಧಿ ಇಲಾಖೆ ಉಪ ನಿರ್ದೇಶಕರು ಕಾರ್ಯಕ್ರಮ ಯಶಸ್ವಿಗೊಳಿಸಲು ಕೋರಿದ್ದಾರೆ.
